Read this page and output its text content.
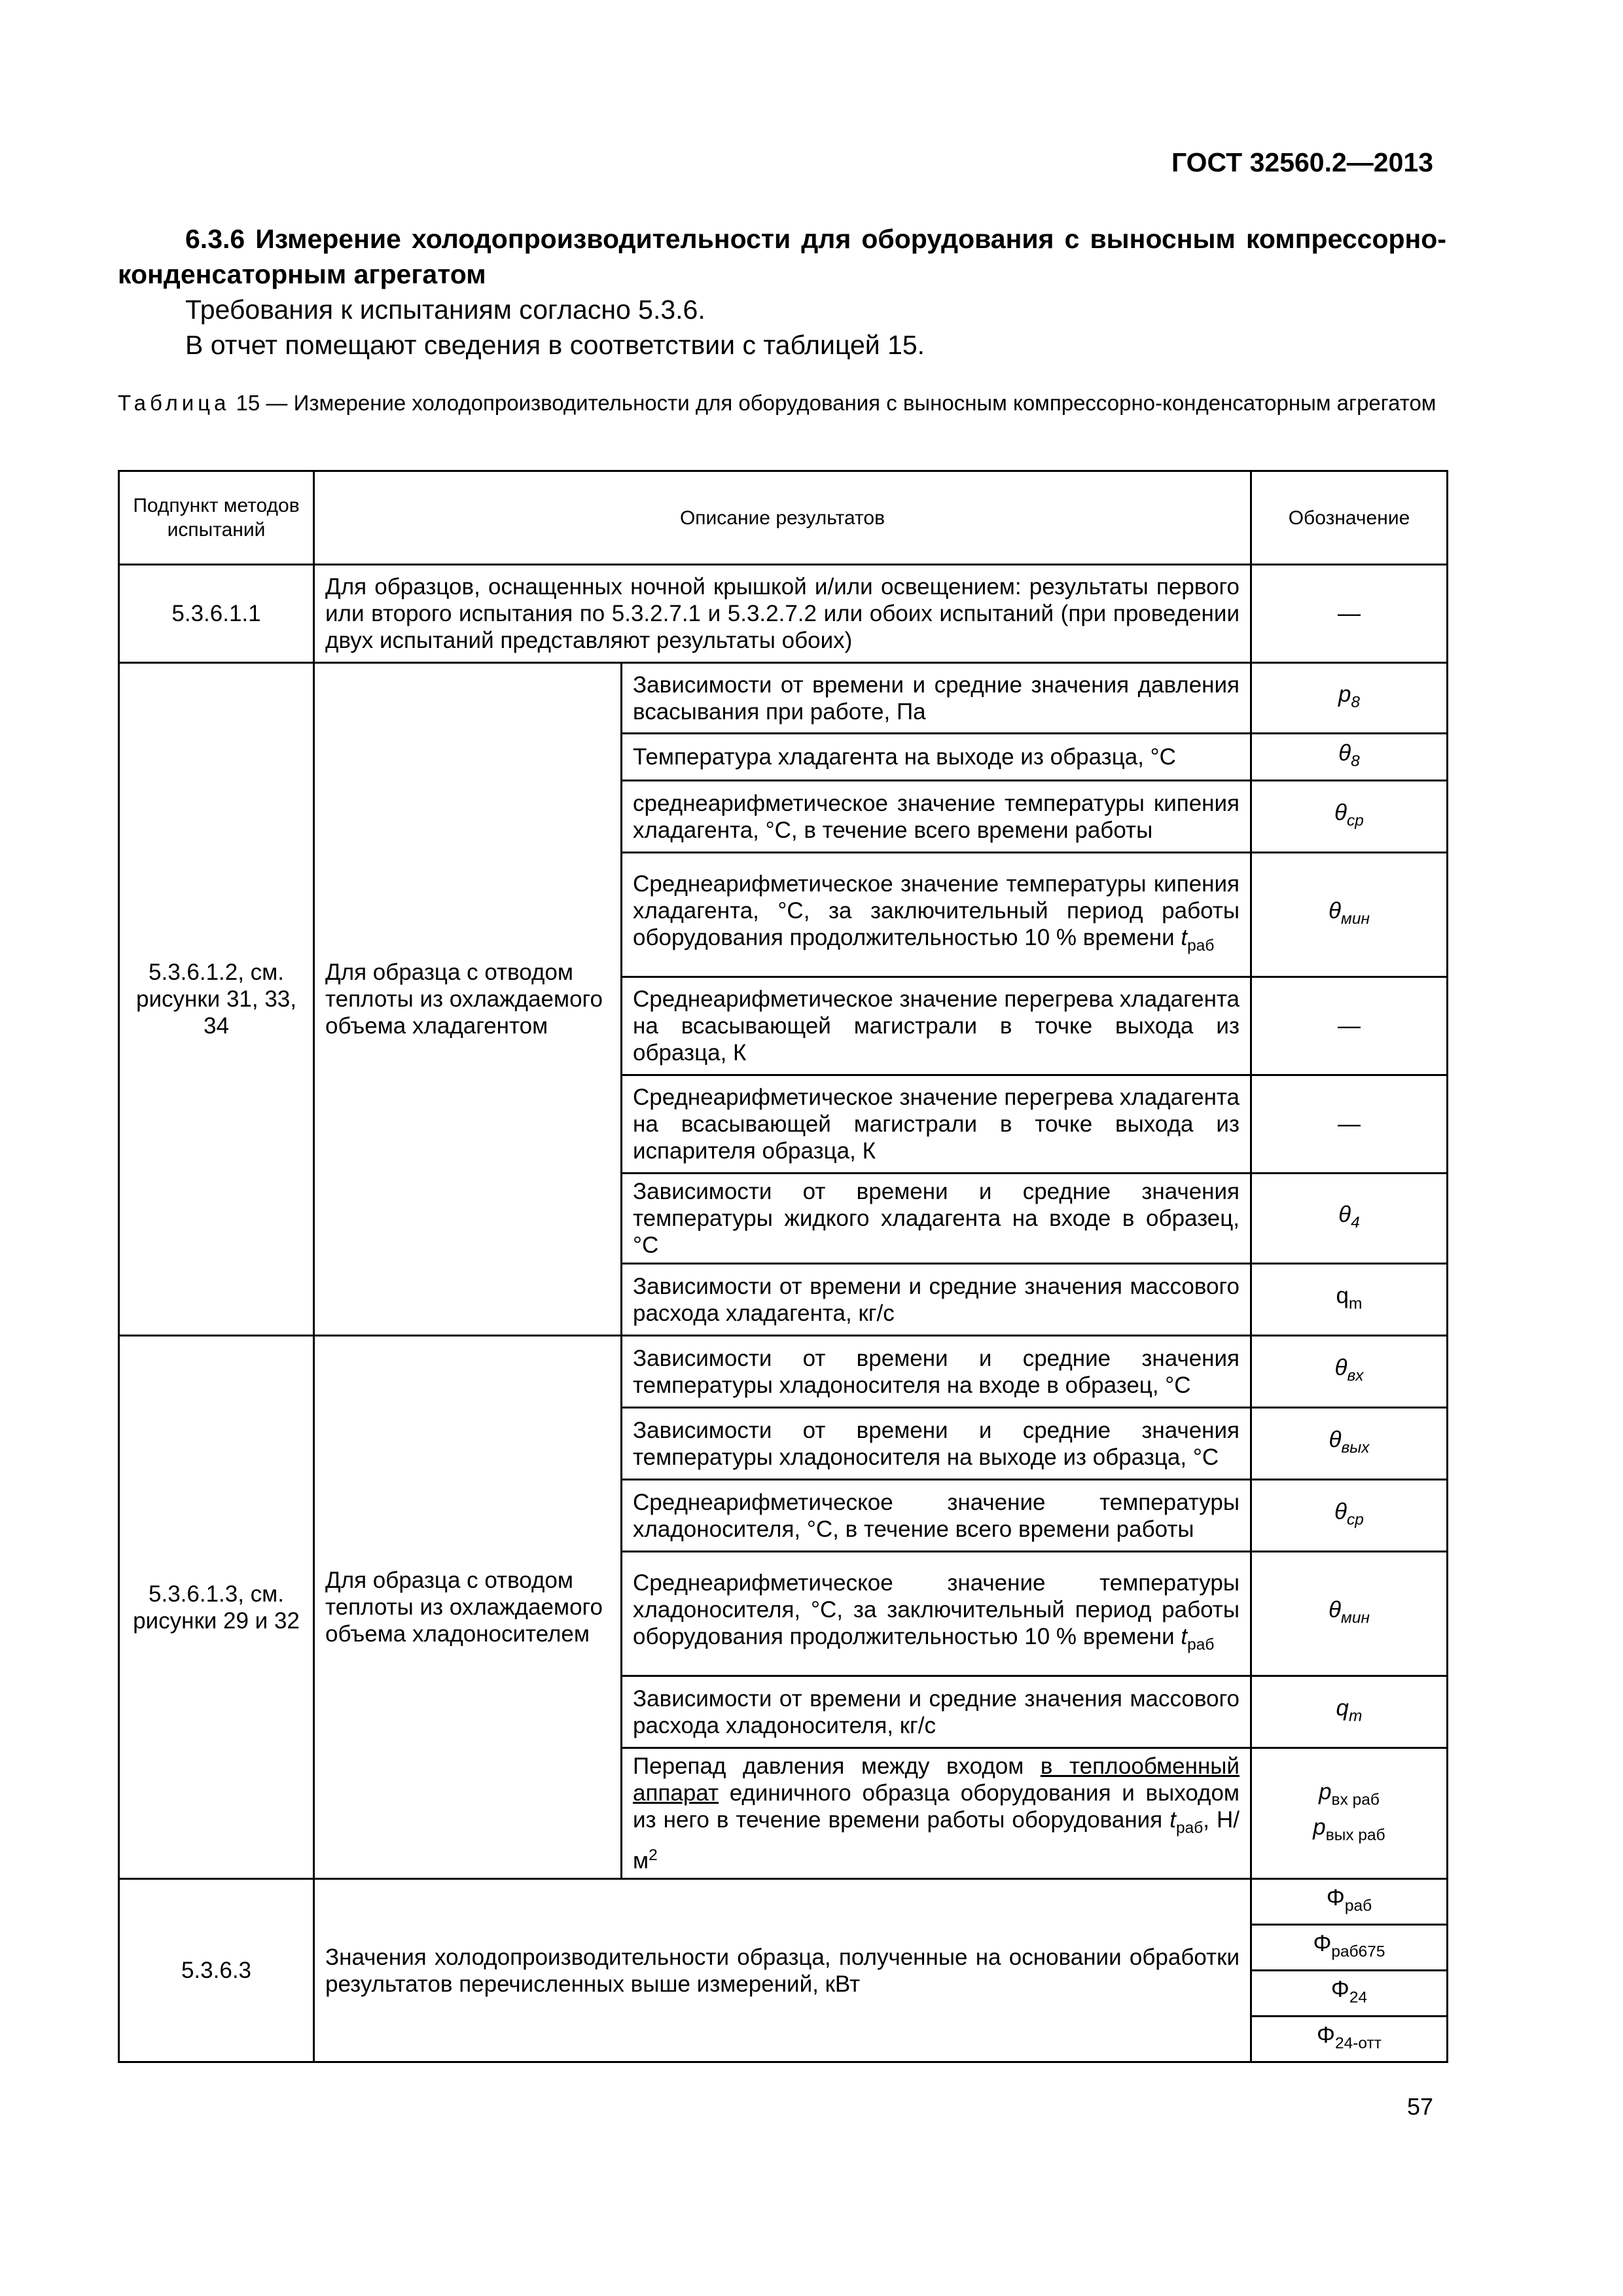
ГОСТ 32560.2—2013

6.3.6 Измерение холодопроизводительности для оборудования с выносным компрессорно-конденсаторным агрегатом

Требования к испытаниям согласно 5.3.6.

В отчет помещают сведения в соответствии с таблицей 15.

Таблица 15 — Измерение холодопроизводительности для оборудования с выносным компрессорно-конденсаторным агрегатом
Подпункт методов испытаний	Описание результатов		Обозначение
5.3.6.1.1	Для образцов, оснащенных ночной крышкой и/или освещением: результаты первого или второго испытания по 5.3.2.7.1 и 5.3.2.7.2 или обоих испытаний (при проведении двух испытаний представляют результаты обоих)		—
5.3.6.1.2, см. рисунки 31, 33, 34	Для образца с отводом теплоты из охлаждаемого объема хладагентом	Зависимости от времени и средние значения давления всасывания при работе, Па	$p_8$
		Температура хладагента на выходе из образца, °C	$\theta_8$
		среднеарифметическое значение температуры кипения хладагента, °C, в течение всего времени работы	$\theta_{ср}$
		Среднеарифметическое значение температуры кипения хладагента, °C, за заключительный период работы оборудования продолжительностью 10 % времени $t_{раб}$	$\theta_{мин}$
		Среднеарифметическое значение перегрева хладагента на всасывающей магистрали в точке выхода из образца, К	—
		Среднеарифметическое значение перегрева хладагента на всасывающей магистрали в точке выхода из испарителя образца, К	—
		Зависимости от времени и средние значения температуры жидкого хладагента на входе в образец, °C	$\theta_4$
		Зависимости от времени и средние значения массового расхода хладагента, кг/с	$q_m$
5.3.6.1.3, см. рисунки 29 и 32	Для образца с отводом теплоты из охлаждаемого объема хладоносителем	Зависимости от времени и средние значения температуры хладоносителя на входе в образец, °C	$\theta_{вх}$
		Зависимости от времени и средние значения температуры хладоносителя на выходе из образца, °C	$\theta_{вых}$
		Среднеарифметическое значение температуры хладоносителя, °C, в течение всего времени работы	$\theta_{ср}$
		Среднеарифметическое значение температуры хладоносителя, °C, за заключительный период работы оборудования продолжительностью 10 % времени $t_{раб}$	$\theta_{мин}$
		Зависимости от времени и средние значения массового расхода хладоносителя, кг/с	$q_m$
		Перепад давления между входом в теплообменный аппарат единичного образца оборудования и выходом из него в течение времени работы оборудования $t_{раб}$, $Н/м^2$	$p_{вх раб}$
$p_{вых раб}$

5.3.6.3	Значения холодопроизводительности образца, полученные на основании обработки результатов перечисленных выше измерений, кВт		$\Phi_{раб}$
			$\Phi_{раб675}$
			$\Phi_{24}$
			$\Phi_{24-отт}$
57
